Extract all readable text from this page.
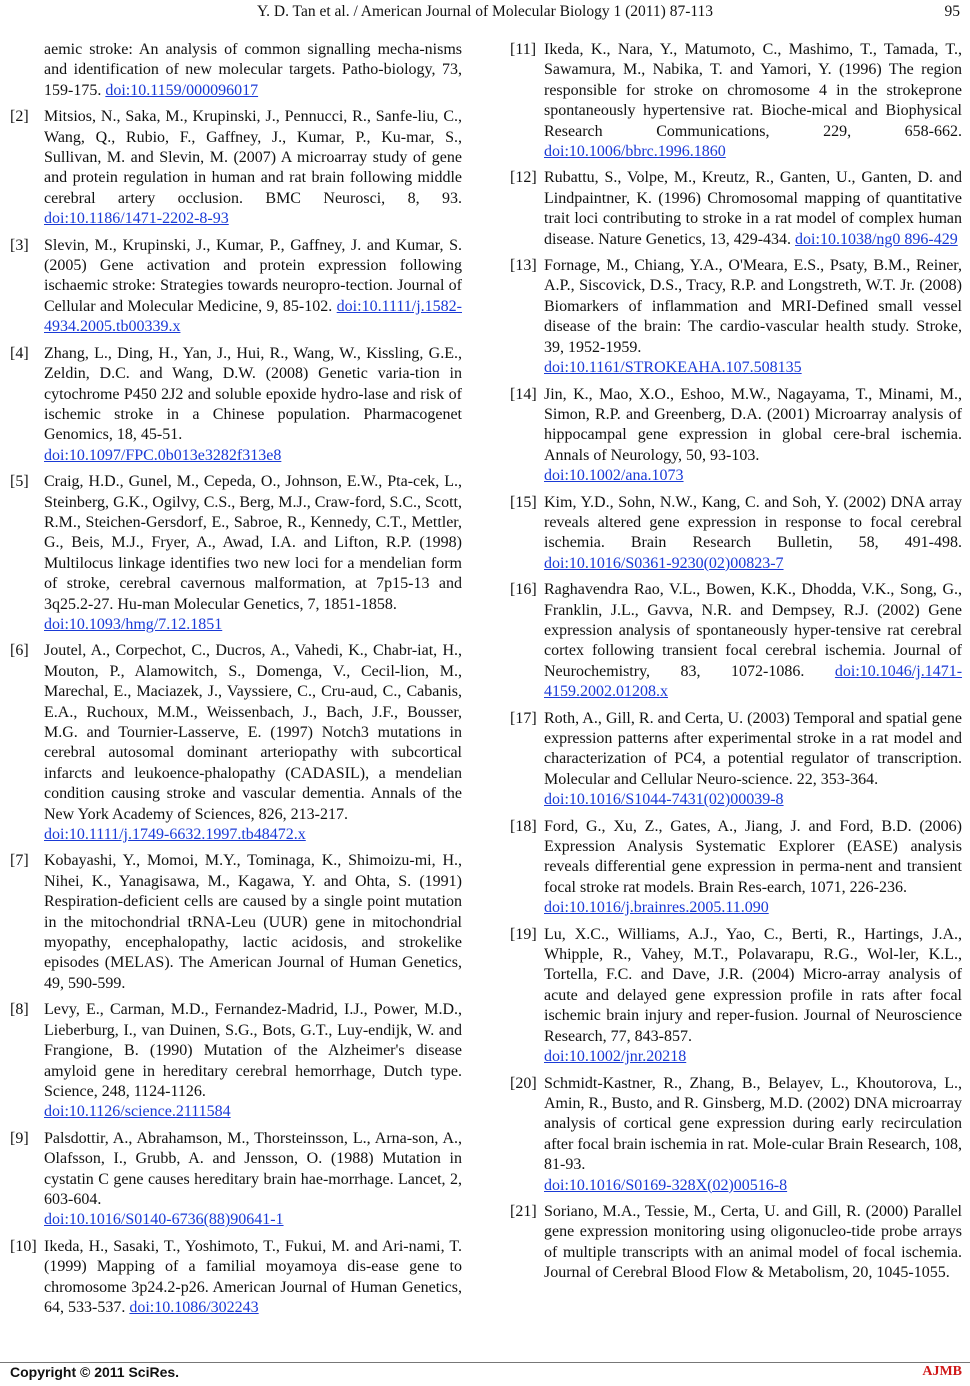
Y. D. Tan et al. / American Journal of Molecular Biology 1 (2011) 87-113	95
aemic stroke: An analysis of common signalling mecha-nisms and identification of new molecular targets. Patho-biology, 73, 159-175. doi:10.1159/000096017
[2] Mitsios, N., Saka, M., Krupinski, J., Pennucci, R., Sanfe-liu, C., Wang, Q., Rubio, F., Gaffney, J., Kumar, P., Ku-mar, S., Sullivan, M. and Slevin, M. (2007) A microarray study of gene and protein regulation in human and rat brain following middle cerebral artery occlusion. BMC Neurosci, 8, 93. doi:10.1186/1471-2202-8-93
[3] Slevin, M., Krupinski, J., Kumar, P., Gaffney, J. and Kumar, S. (2005) Gene activation and protein expression following ischaemic stroke: Strategies towards neuropro-tection. Journal of Cellular and Molecular Medicine, 9, 85-102. doi:10.1111/j.1582-4934.2005.tb00339.x
[4] Zhang, L., Ding, H., Yan, J., Hui, R., Wang, W., Kissling, G.E., Zeldin, D.C. and Wang, D.W. (2008) Genetic varia-tion in cytochrome P450 2J2 and soluble epoxide hydro-lase and risk of ischemic stroke in a Chinese population. Pharmacogenet Genomics, 18, 45-51.
doi:10.1097/FPC.0b013e3282f313e8
[5] Craig, H.D., Gunel, M., Cepeda, O., Johnson, E.W., Pta-cek, L., Steinberg, G.K., Ogilvy, C.S., Berg, M.J., Craw-ford, S.C., Scott, R.M., Steichen-Gersdorf, E., Sabroe, R., Kennedy, C.T., Mettler, G., Beis, M.J., Fryer, A., Awad, I.A. and Lifton, R.P. (1998) Multilocus linkage identifies two new loci for a mendelian form of stroke, cerebral cavernous malformation, at 7p15-13 and 3q25.2-27. Hu-man Molecular Genetics, 7, 1851-1858.
doi:10.1093/hmg/7.12.1851
[6] Joutel, A., Corpechot, C., Ducros, A., Vahedi, K., Chabr-iat, H., Mouton, P., Alamowitch, S., Domenga, V., Cecil-lion, M., Marechal, E., Maciazek, J., Vayssiere, C., Cru-aud, C., Cabanis, E.A., Ruchoux, M.M., Weissenbach, J., Bach, J.F., Bousser, M.G. and Tournier-Lasserve, E. (1997) Notch3 mutations in cerebral autosomal dominant arteriopathy with subcortical infarcts and leukoence-phalopathy (CADASIL), a mendelian condition causing stroke and vascular dementia. Annals of the New York Academy of Sciences, 826, 213-217.
doi:10.1111/j.1749-6632.1997.tb48472.x
[7] Kobayashi, Y., Momoi, M.Y., Tominaga, K., Shimoizu-mi, H., Nihei, K., Yanagisawa, M., Kagawa, Y. and Ohta, S. (1991) Respiration-deficient cells are caused by a single point mutation in the mitochondrial tRNA-Leu (UUR) gene in mitochondrial myopathy, encephalopathy, lactic acidosis, and strokelike episodes (MELAS). The American Journal of Human Genetics, 49, 590-599.
[8] Levy, E., Carman, M.D., Fernandez-Madrid, I.J., Power, M.D., Lieberburg, I., van Duinen, S.G., Bots, G.T., Luy-endijk, W. and Frangione, B. (1990) Mutation of the Alzheimer's disease amyloid gene in hereditary cerebral hemorrhage, Dutch type. Science, 248, 1124-1126.
doi:10.1126/science.2111584
[9] Palsdottir, A., Abrahamson, M., Thorsteinsson, L., Arna-son, A., Olafsson, I., Grubb, A. and Jensson, O. (1988) Mutation in cystatin C gene causes hereditary brain hae-morrhage. Lancet, 2, 603-604.
doi:10.1016/S0140-6736(88)90641-1
[10] Ikeda, H., Sasaki, T., Yoshimoto, T., Fukui, M. and Ari-nami, T. (1999) Mapping of a familial moyamoya dis-ease gene to chromosome 3p24.2-p26. American Journal of Human Genetics, 64, 533-537. doi:10.1086/302243
[11] Ikeda, K., Nara, Y., Matumoto, C., Mashimo, T., Tamada, T., Sawamura, M., Nabika, T. and Yamori, Y. (1996) The region responsible for stroke on chromosome 4 in the strokeprone spontaneously hypertensive rat. Bioche-mical and Biophysical Research Communications, 229, 658-662. doi:10.1006/bbrc.1996.1860
[12] Rubattu, S., Volpe, M., Kreutz, R., Ganten, U., Ganten, D. and Lindpaintner, K. (1996) Chromosomal mapping of quantitative trait loci contributing to stroke in a rat model of complex human disease. Nature Genetics, 13, 429-434. doi:10.1038/ng0 896-429
[13] Fornage, M., Chiang, Y.A., O'Meara, E.S., Psaty, B.M., Reiner, A.P., Siscovick, D.S., Tracy, R.P. and Longstreth, W.T. Jr. (2008) Biomarkers of inflammation and MRI-Defined small vessel disease of the brain: The cardio-vascular health study. Stroke, 39, 1952-1959.
doi:10.1161/STROKEAHA.107.508135
[14] Jin, K., Mao, X.O., Eshoo, M.W., Nagayama, T., Minami, M., Simon, R.P. and Greenberg, D.A. (2001) Microarray analysis of hippocampal gene expression in global cere-bral ischemia. Annals of Neurology, 50, 93-103.
doi:10.1002/ana.1073
[15] Kim, Y.D., Sohn, N.W., Kang, C. and Soh, Y. (2002) DNA array reveals altered gene expression in response to focal cerebral ischemia. Brain Research Bulletin, 58, 491-498. doi:10.1016/S0361-9230(02)00823-7
[16] Raghavendra Rao, V.L., Bowen, K.K., Dhodda, V.K., Song, G., Franklin, J.L., Gavva, N.R. and Dempsey, R.J. (2002) Gene expression analysis of spontaneously hyper-tensive rat cerebral cortex following transient focal cerebral ischemia. Journal of Neurochemistry, 83, 1072-1086. doi:10.1046/j.1471-4159.2002.01208.x
[17] Roth, A., Gill, R. and Certa, U. (2003) Temporal and spatial gene expression patterns after experimental stroke in a rat model and characterization of PC4, a potential regulator of transcription. Molecular and Cellular Neuro-science. 22, 353-364.
doi:10.1016/S1044-7431(02)00039-8
[18] Ford, G., Xu, Z., Gates, A., Jiang, J. and Ford, B.D. (2006) Expression Analysis Systematic Explorer (EASE) analysis reveals differential gene expression in perma-nent and transient focal stroke rat models. Brain Res-earch, 1071, 226-236.
doi:10.1016/j.brainres.2005.11.090
[19] Lu, X.C., Williams, A.J., Yao, C., Berti, R., Hartings, J.A., Whipple, R., Vahey, M.T., Polavarapu, R.G., Wol-ler, K.L., Tortella, F.C. and Dave, J.R. (2004) Micro-array analysis of acute and delayed gene expression profile in rats after focal ischemic brain injury and reper-fusion. Journal of Neuroscience Research, 77, 843-857.
doi:10.1002/jnr.20218
[20] Schmidt-Kastner, R., Zhang, B., Belayev, L., Khoutorova, L., Amin, R., Busto, and R. Ginsberg, M.D. (2002) DNA microarray analysis of cortical gene expression during early recirculation after focal brain ischemia in rat. Mole-cular Brain Research, 108, 81-93.
doi:10.1016/S0169-328X(02)00516-8
[21] Soriano, M.A., Tessie, M., Certa, U. and Gill, R. (2000) Parallel gene expression monitoring using oligonucleo-tide probe arrays of multiple transcripts with an animal model of focal ischemia. Journal of Cerebral Blood Flow & Metabolism, 20, 1045-1055.
Copyright © 2011 SciRes.	AJMB
